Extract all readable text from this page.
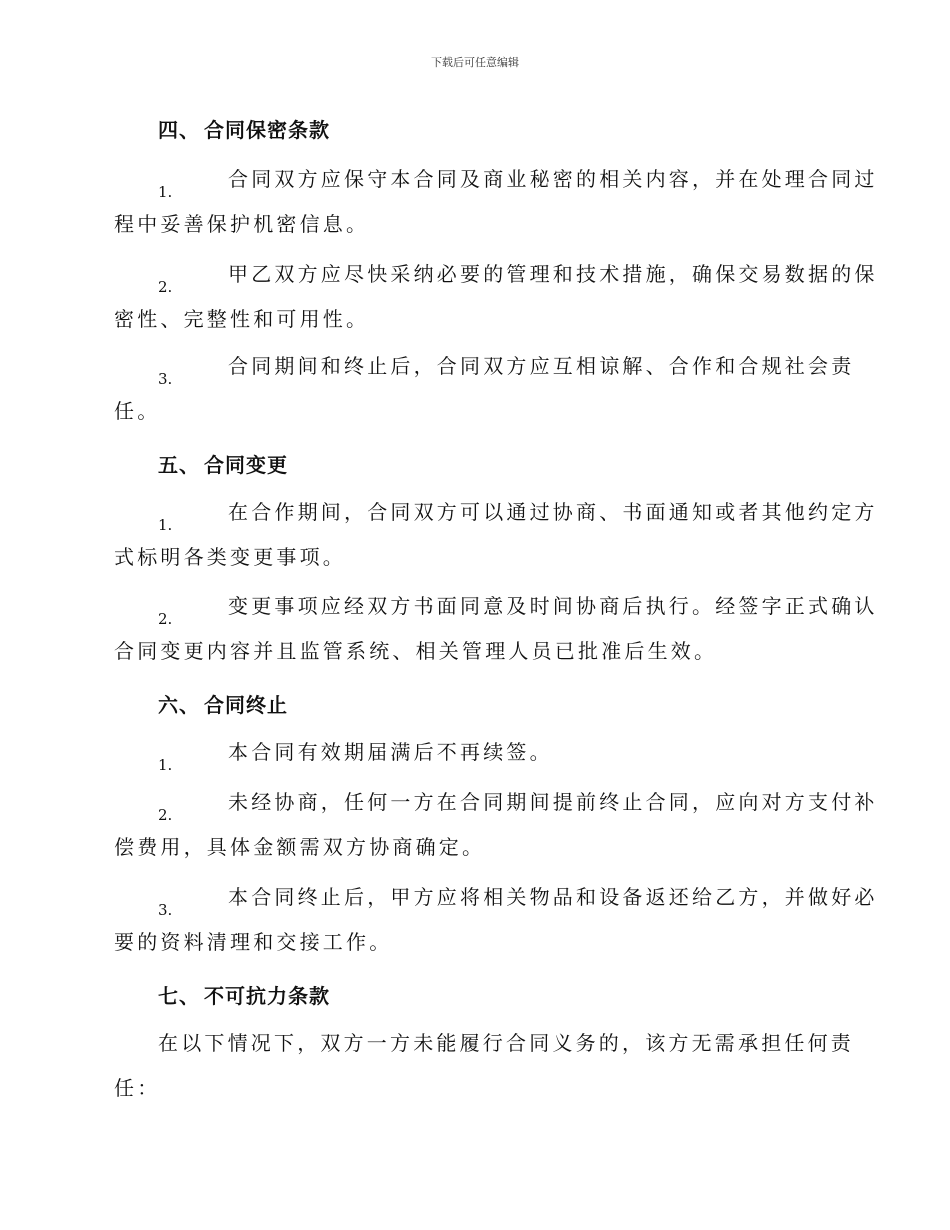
下载后可任意编辑
四、 合同保密条款
1.
合同双方应保守本合同及商业秘密的相关内容，并在处理合同过
程中妥善保护机密信息。
2.
甲乙双方应尽快采纳必要的管理和技术措施，确保交易数据的保
密性、完整性和可用性。
3.
合同期间和终止后，合同双方应互相谅解、合作和合规社会责
任。
五、 合同变更
1.
在合作期间，合同双方可以通过协商、书面通知或者其他约定方
式标明各类变更事项。
2.
变更事项应经双方书面同意及时间协商后执行。经签字正式确认
合同变更内容并且监管系统、相关管理人员已批准后生效。
六、 合同终止
1.
本合同有效期届满后不再续签。
2.
未经协商，任何一方在合同期间提前终止合同，应向对方支付补
偿费用，具体金额需双方协商确定。
3.
本合同终止后，甲方应将相关物品和设备返还给乙方，并做好必
要的资料清理和交接工作。
七、 不可抗力条款
在以下情况下，双方一方未能履行合同义务的，该方无需承担任何责
任：
